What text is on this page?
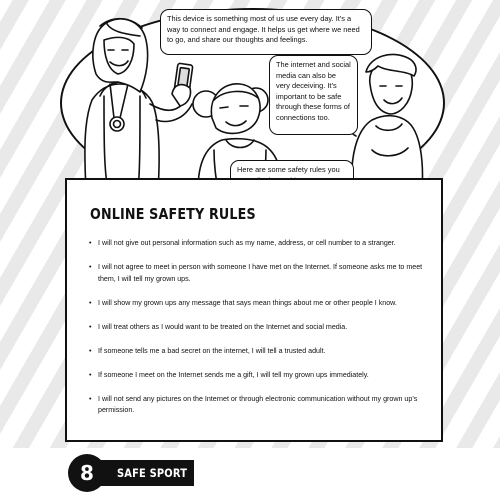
This device is something most of us use every day. It’s a way to connect and engage. It helps us get where we need to go, and share our thoughts and feelings.
The internet and social media can also be very deceiving. It’s important to be safe through these forms of connections too.
Here are some safety rules you
ONLINE SAFETY RULES
• I will not give out personal information such as my name, address, or cell number to a stranger.
• I will not agree to meet in person with someone I have met on the Internet. If someone asks me to meet them, I will tell my grown ups.
• I will show my grown ups any message that says mean things about me or other people I know.
• I will treat others as I would want to be treated on the Internet and social media.
• If someone tells me a bad secret on the internet, I will tell a trusted adult.
• If someone I meet on the Internet sends me a gift, I will tell my grown ups immediately.
• I will not send any pictures on the Internet or through electronic communication without my grown up’s permission.
SAFE SPORT
8
